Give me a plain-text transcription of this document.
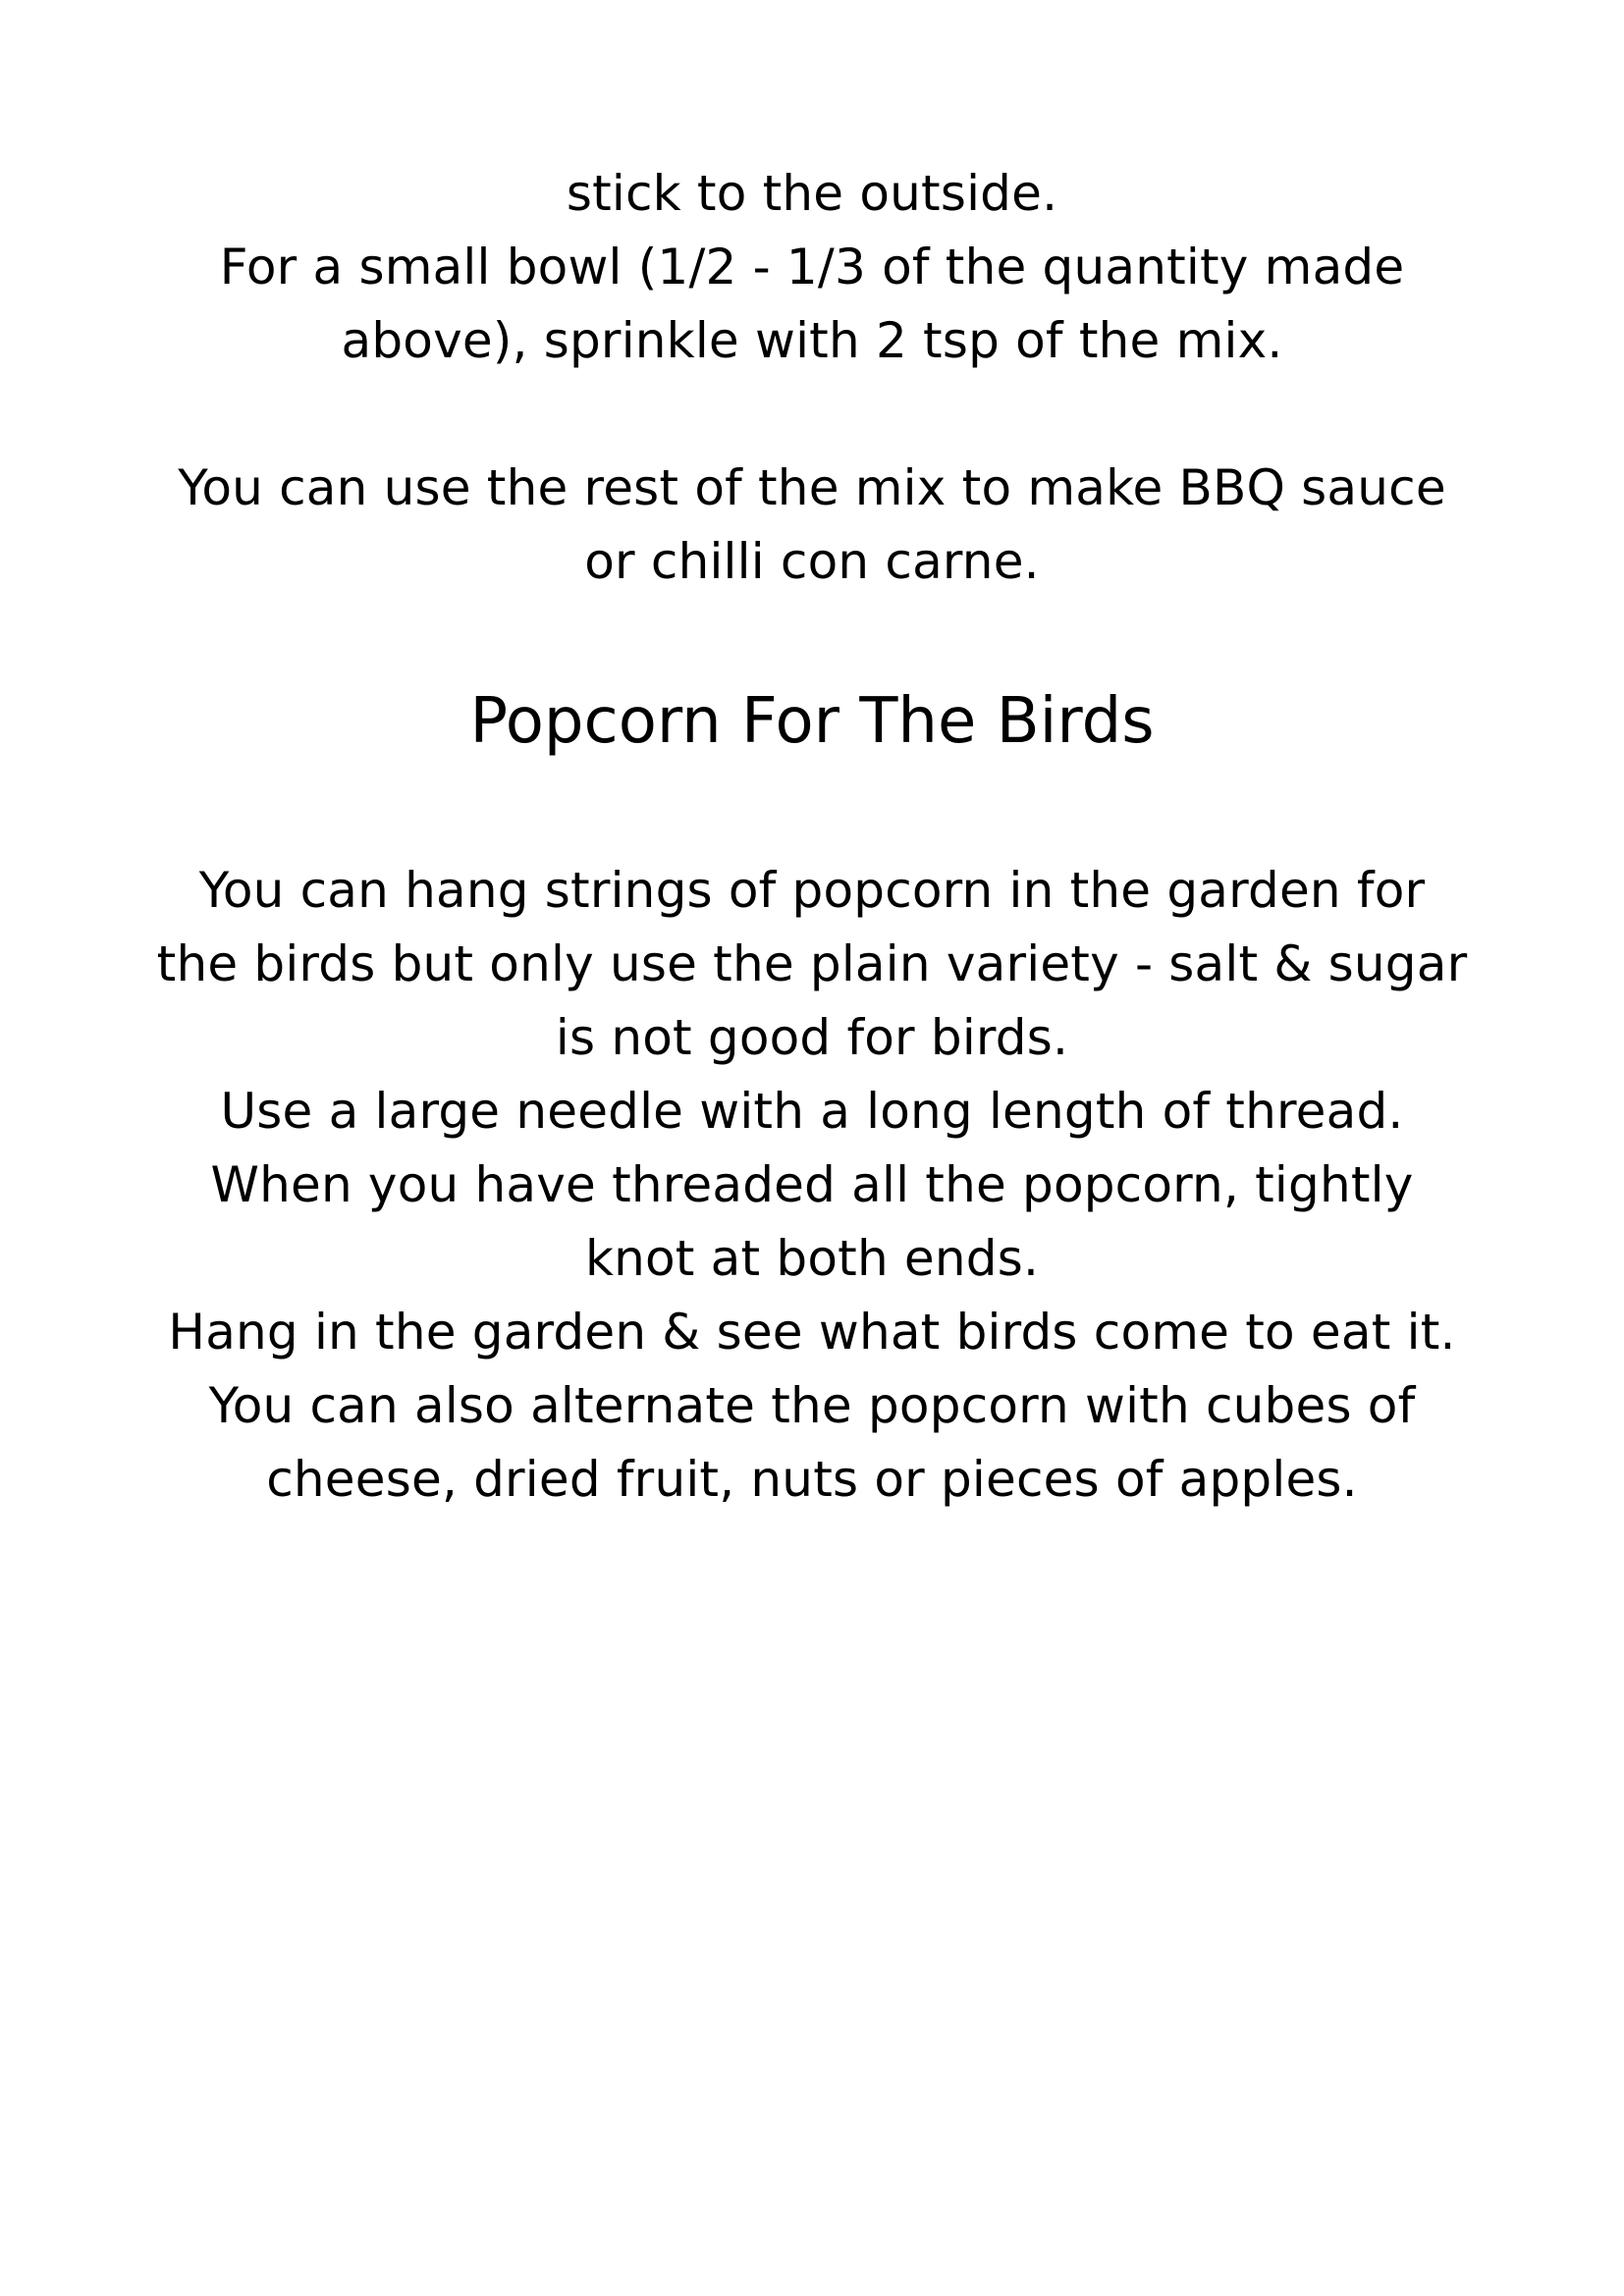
stick to the outside.
For a small bowl (1/2 - 1/3 of the quantity made
above), sprinkle with 2 tsp of the mix.
You can use the rest of the mix to make BBQ sauce
or chilli con carne.
Popcorn For The Birds
You can hang strings of popcorn in the garden for
the birds but only use the plain variety - salt & sugar
is not good for birds.
Use a large needle with a long length of thread.
When you have threaded all the popcorn, tightly
knot at both ends.
Hang in the garden & see what birds come to eat it.
You can also alternate the popcorn with cubes of
cheese, dried fruit, nuts or pieces of apples.
